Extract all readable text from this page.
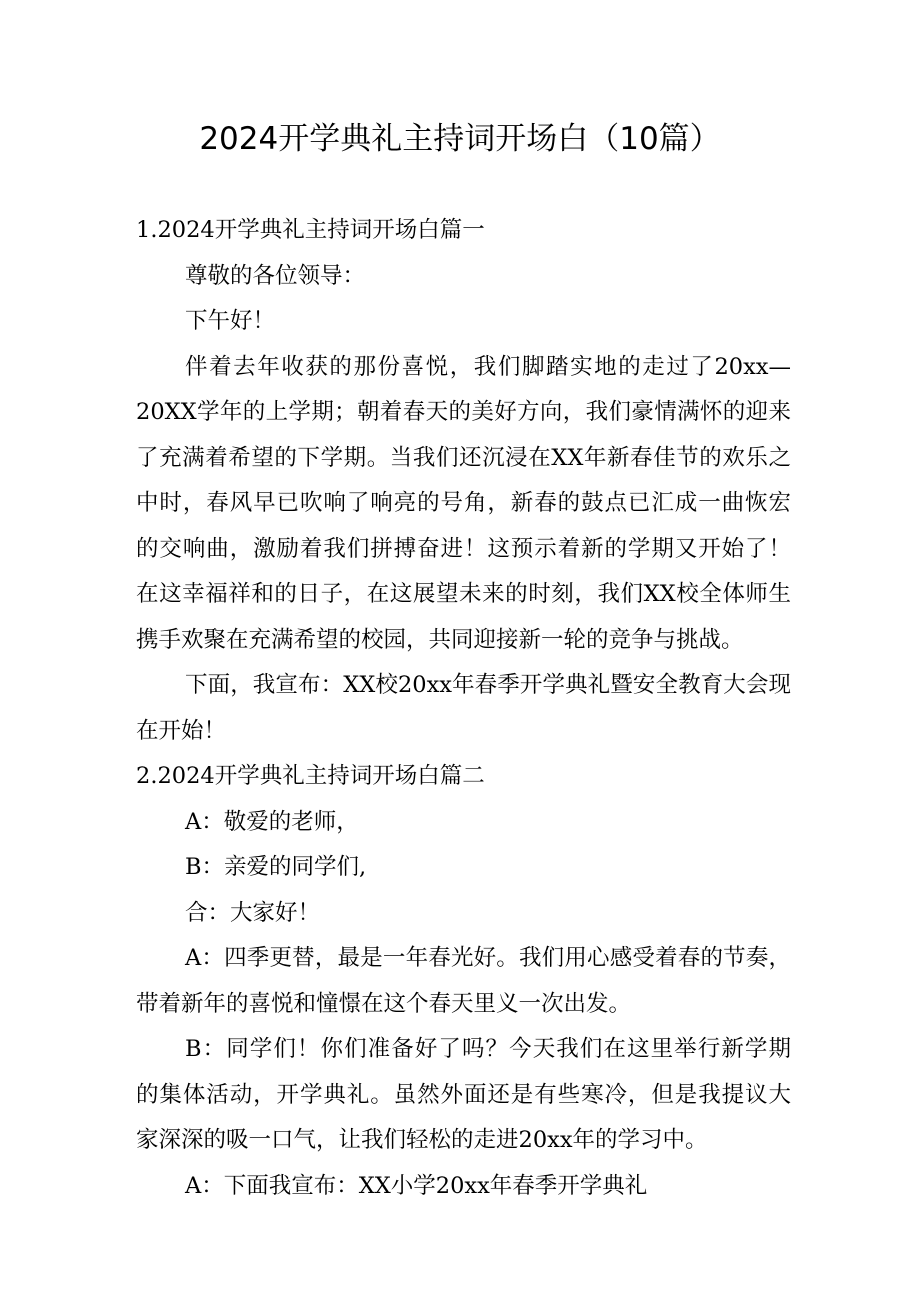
2024开学典礼主持词开场白（10篇）
1.2024开学典礼主持词开场白篇一
尊敬的各位领导：
下午好！
伴着去年收获的那份喜悦，我们脚踏实地的走过了20xx—
20XX学年的上学期；朝着春天的美好方向，我们豪情满怀的迎来
了充满着希望的下学期。当我们还沉浸在XX年新春佳节的欢乐之
中时，春风早已吹响了响亮的号角，新春的鼓点已汇成一曲恢宏
的交响曲，激励着我们拼搏奋进！这预示着新的学期又开始了！
在这幸福祥和的日子，在这展望未来的时刻，我们XX校全体师生
携手欢聚在充满希望的校园，共同迎接新一轮的竞争与挑战。
下面，我宣布：XX校20xx年春季开学典礼暨安全教育大会现
在开始！
2.2024开学典礼主持词开场白篇二
A：敬爱的老师，
B：亲爱的同学们,
合：大家好！
A：四季更替，最是一年春光好。我们用心感受着春的节奏，
带着新年的喜悦和憧憬在这个春天里义一次出发。
B：同学们！你们准备好了吗？今天我们在这里举行新学期
的集体活动，开学典礼。虽然外面还是有些寒冷，但是我提议大
家深深的吸一口气，让我们轻松的走进20xx年的学习中。
A：下面我宣布：XX小学20xx年春季开学典礼
